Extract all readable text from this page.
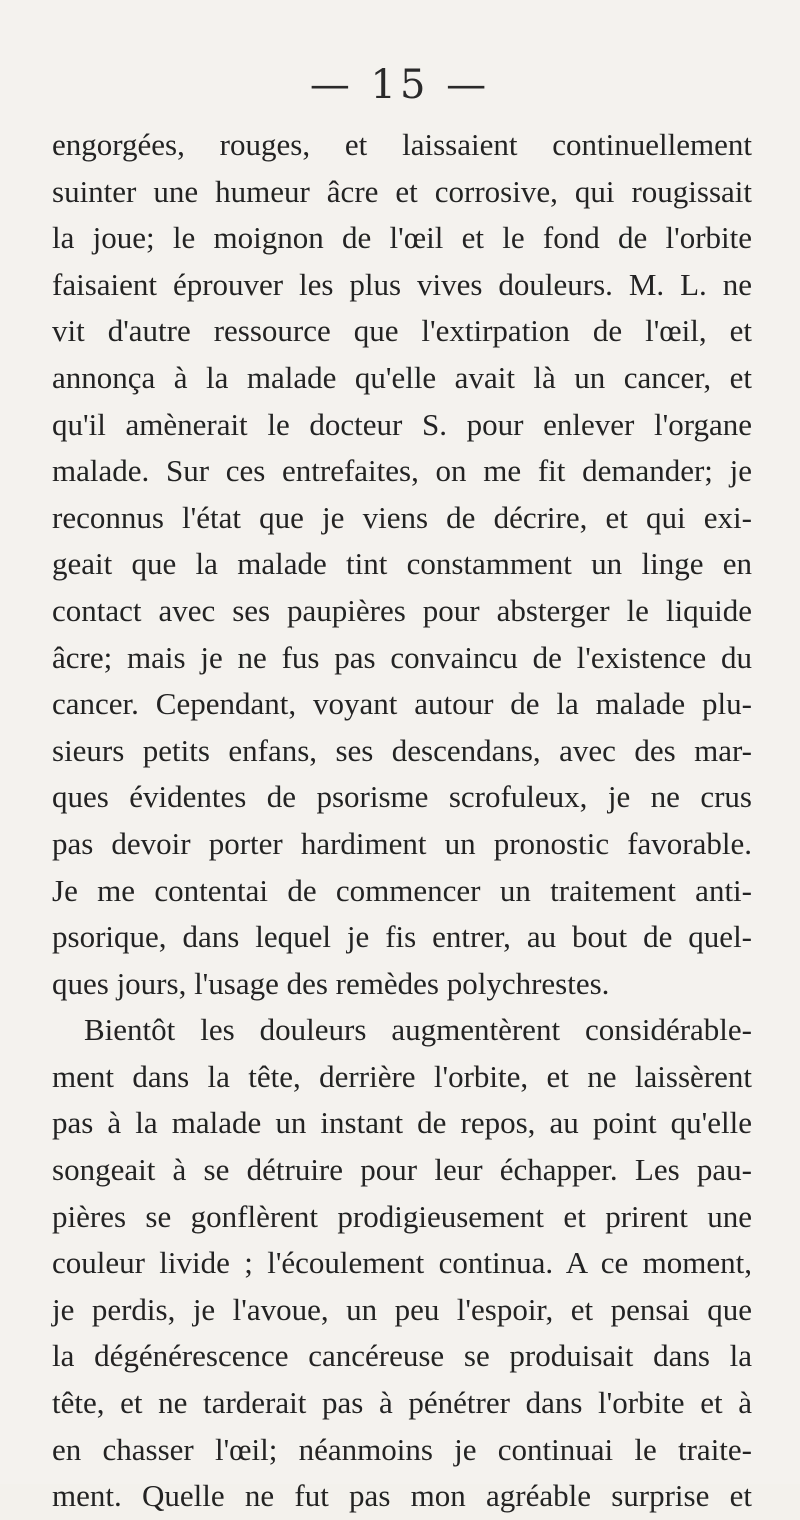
— 15 —
engorgées, rouges, et laissaient continuellement
suinter une humeur âcre et corrosive, qui rougissait
la joue; le moignon de l'œil et le fond de l'orbite
faisaient éprouver les plus vives douleurs. M. L. ne
vit d'autre ressource que l'extirpation de l'œil, et
annonça à la malade qu'elle avait là un cancer, et
qu'il amènerait le docteur S. pour enlever l'organe
malade. Sur ces entrefaites, on me fit demander; je
reconnus l'état que je viens de décrire, et qui exi-
geait que la malade tint constamment un linge en
contact avec ses paupières pour absterger le liquide
âcre; mais je ne fus pas convaincu de l'existence du
cancer. Cependant, voyant autour de la malade plu-
sieurs petits enfans, ses descendans, avec des mar-
ques évidentes de psorisme scrofuleux, je ne crus
pas devoir porter hardiment un pronostic favorable.
Je me contentai de commencer un traitement anti-
psorique, dans lequel je fis entrer, au bout de quel-
ques jours, l'usage des remèdes polychrestes.
Bientôt les douleurs augmentèrent considérable-
ment dans la tête, derrière l'orbite, et ne laissèrent
pas à la malade un instant de repos, au point qu'elle
songeait à se détruire pour leur échapper. Les pau-
pières se gonflèrent prodigieusement et prirent une
couleur livide ; l'écoulement continua. A ce moment,
je perdis, je l'avoue, un peu l'espoir, et pensai que
la dégénérescence cancéreuse se produisait dans la
tête, et ne tarderait pas à pénétrer dans l'orbite et à
en chasser l'œil; néanmoins je continuai le traite-
ment. Quelle ne fut pas mon agréable surprise et
